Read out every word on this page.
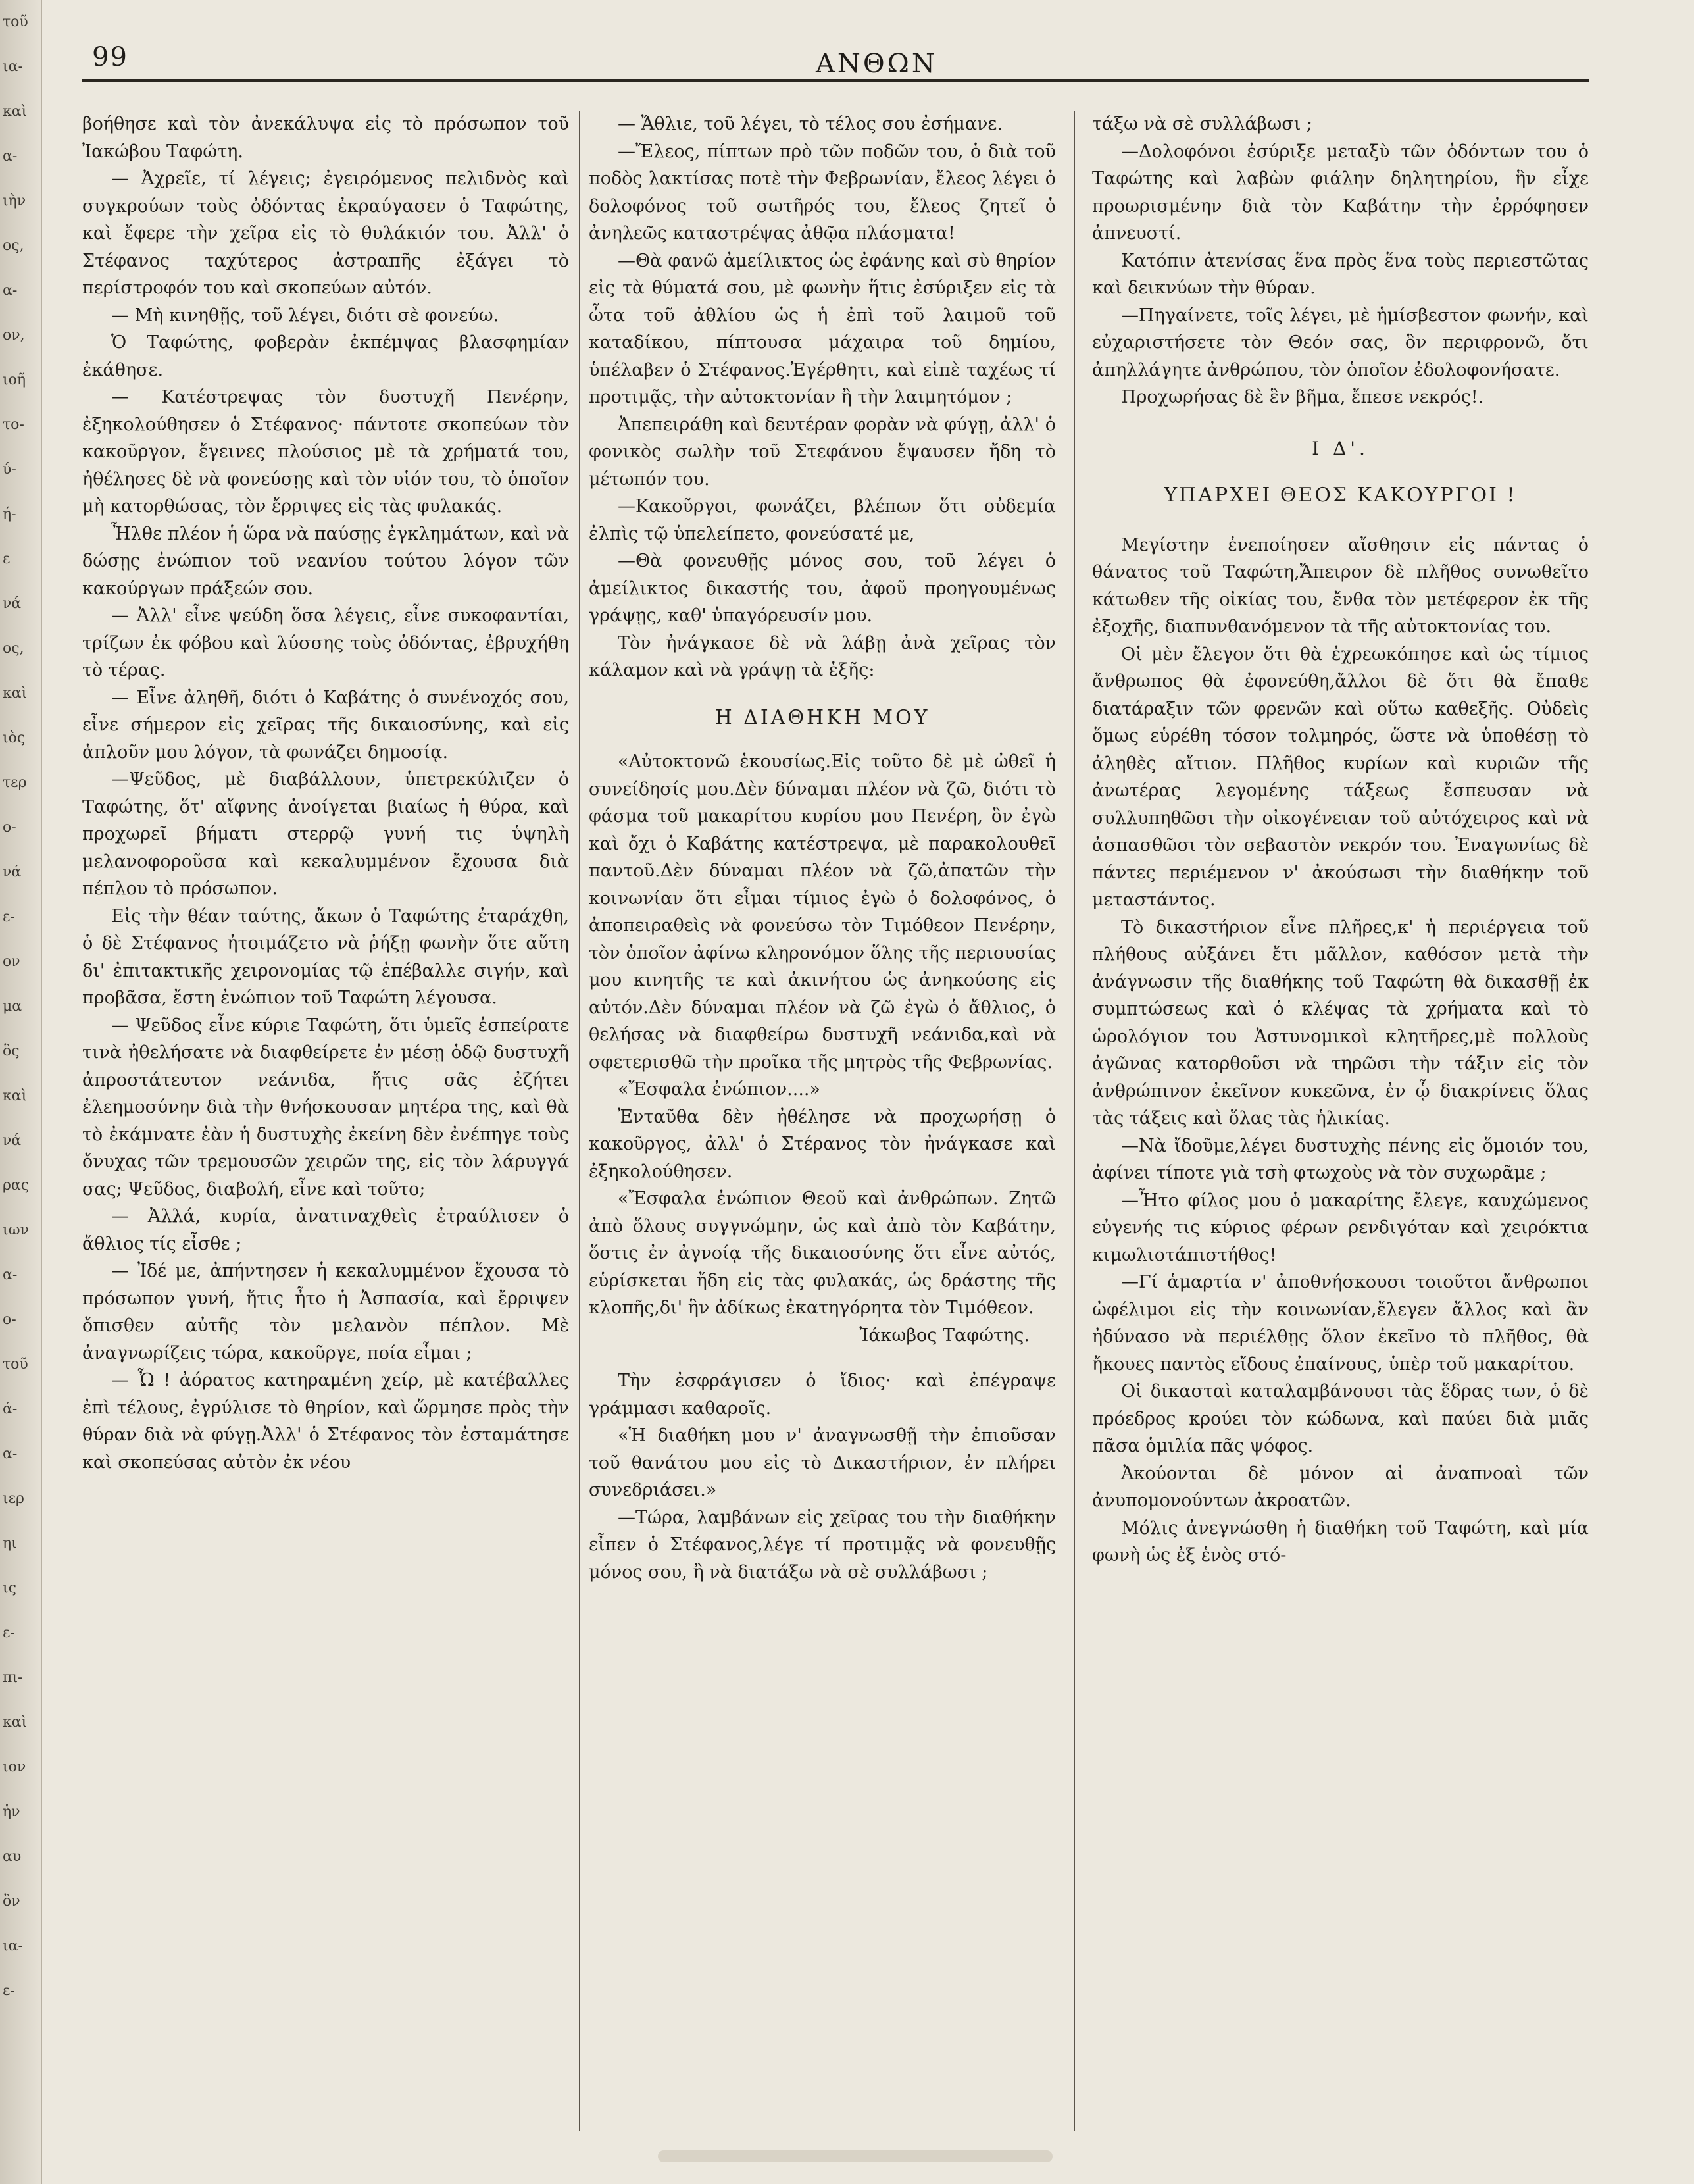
τοῦ
ια-
καὶ
α-
ιὴν
ος,
α-
ον,
ιοῆ
το-
ύ-
ή-
ε
νά
ος,
καὶ
ιὸς
τερ
ο-
νά
ε-
ον
μα
ὃς
καὶ
νά
ρας
ιων
α-
ο-
τοῦ
ά-
α-
ιερ
ηι
ις
ε-
πι-
καὶ
ιον
ἡν
αυ
ὂν
ια-
ε-
99	ΑΝΘΩΝ

βοήθησε καὶ τὸν ἀνεκάλυψα εἰς τὸ πρόσωπον τοῦ Ἰακώβου Ταφώτη.

— Ἀχρεῖε, τί λέγεις; ἐγειρόμενος πελιδνὸς καὶ συγκρούων τοὺς ὀδόντας ἐκραύγασεν ὁ Ταφώτης, καὶ ἔφερε τὴν χεῖρα εἰς τὸ θυλάκιόν του. Ἀλλ' ὁ Στέφανος ταχύτερος ἀστραπῆς ἐξάγει τὸ περίστροφόν του καὶ σκοπεύων αὐτόν.

— Μὴ κινηθῇς, τοῦ λέγει, διότι σὲ φονεύω.

Ὁ Ταφώτης, φοβερὰν ἐκπέμψας βλασφημίαν ἐκάθησε.

— Κατέστρεψας τὸν δυστυχῆ Πενέρην, ἐξηκολούθησεν ὁ Στέφανος· πάντοτε σκοπεύων τὸν κακοῦργον, ἔγεινες πλούσιος μὲ τὰ χρήματά του, ἠθέλησες δὲ νὰ φονεύσῃς καὶ τὸν υἱόν του, τὸ ὁποῖον μὴ κατορθώσας, τὸν ἔρριψες εἰς τὰς φυλακάς.

Ἦλθε πλέον ἡ ὥρα νὰ παύσῃς ἐγκλημάτων, καὶ νὰ δώσῃς ἐνώπιον τοῦ νεανίου τούτου λόγον τῶν κακούργων πράξεών σου.

— Ἀλλ' εἶνε ψεύδη ὅσα λέγεις, εἶνε συκοφαντίαι, τρίζων ἐκ φόβου καὶ λύσσης τοὺς ὀδόντας, ἐβρυχήθη τὸ τέρας.

— Εἶνε ἀληθῆ, διότι ὁ Καβάτης ὁ συνένοχός σου, εἶνε σήμερον εἰς χεῖρας τῆς δικαιοσύνης, καὶ εἰς ἁπλοῦν μου λόγον, τὰ φωνάζει δημοσίᾳ.

—Ψεῦδος, μὲ διαβάλλουν, ὑπετρεκύλιζεν ὁ Ταφώτης, ὅτ' αἴφνης ἀνοίγεται βιαίως ἡ θύρα, καὶ προχωρεῖ βήματι στερρῷ γυνή τις ὑψηλὴ μελανοφοροῦσα καὶ κεκαλυμμένον ἔχουσα διὰ πέπλου τὸ πρόσωπον.

Εἰς τὴν θέαν ταύτης, ἄκων ὁ Ταφώτης ἐταράχθη, ὁ δὲ Στέφανος ἠτοιμάζετο νὰ ῥήξῃ φωνὴν ὅτε αὕτη δι' ἐπιτακτικῆς χειρονομίας τῷ ἐπέβαλλε σιγήν, καὶ προβᾶσα, ἔστη ἐνώπιον τοῦ Ταφώτη λέγουσα.

— Ψεῦδος εἶνε κύριε Ταφώτη, ὅτι ὑμεῖς ἐσπείρατε τινὰ ἠθελήσατε νὰ διαφθείρετε ἐν μέσῃ ὁδῷ δυστυχῆ ἀπροστάτευτον νεάνιδα, ἥτις σᾶς ἐζήτει ἐλεημοσύνην διὰ τὴν θνήσκουσαν μητέρα της, καὶ θὰ τὸ ἐκάμνατε ἐὰν ἡ δυστυχὴς ἐκείνη δὲν ἐνέπηγε τοὺς ὄνυχας τῶν τρεμουσῶν χειρῶν της, εἰς τὸν λάρυγγά σας; Ψεῦδος, διαβολή, εἶνε καὶ τοῦτο;

— Ἀλλά, κυρία, ἀνατιναχθεὶς ἐτραύλισεν ὁ ἄθλιος τίς εἶσθε ;

— Ἰδέ με, ἀπήντησεν ἡ κεκαλυμμένον ἔχουσα τὸ πρόσωπον γυνή, ἥτις ἦτο ἡ Ἀσπασία, καὶ ἔρριψεν ὄπισθεν αὐτῆς τὸν μελανὸν πέπλον. Μὲ ἀναγνωρίζεις τώρα, κακοῦργε, ποία εἶμαι ;

— Ὦ ! ἀόρατος κατηραμένη χείρ, μὲ κατέβαλλες ἐπὶ τέλους, ἐγρύλισε τὸ θηρίον, καὶ ὥρμησε πρὸς τὴν θύραν διὰ νὰ φύγῃ.Ἀλλ' ὁ Στέφανος τὸν ἐσταμάτησε καὶ σκοπεύσας αὐτὸν ἐκ νέου

— Ἄθλιε, τοῦ λέγει, τὸ τέλος σου ἐσήμανε.

—Ἔλεος, πίπτων πρὸ τῶν ποδῶν του, ὁ διὰ τοῦ ποδὸς λακτίσας ποτὲ τὴν Φεβρωνίαν, ἔλεος λέγει ὁ δολοφόνος τοῦ σωτῆρός του, ἔλεος ζητεῖ ὁ ἀνηλεῶς καταστρέψας ἀθῷα πλάσματα!

—Θὰ φανῶ ἀμείλικτος ὡς ἐφάνης καὶ σὺ θηρίον εἰς τὰ θύματά σου, μὲ φωνὴν ἥτις ἐσύριξεν εἰς τὰ ὦτα τοῦ ἀθλίου ὡς ἡ ἐπὶ τοῦ λαιμοῦ τοῦ καταδίκου, πίπτουσα μάχαιρα τοῦ δημίου, ὑπέλαβεν ὁ Στέφανος.Ἐγέρθητι, καὶ εἰπὲ ταχέως τί προτιμᾷς, τὴν αὐτοκτονίαν ἢ τὴν λαιμητόμον ;

Ἀπεπειράθη καὶ δευτέραν φορὰν νὰ φύγῃ, ἀλλ' ὁ φονικὸς σωλὴν τοῦ Στεφάνου ἔψαυσεν ἤδη τὸ μέτωπόν του.

—Κακοῦργοι, φωνάζει, βλέπων ὅτι οὐδεμία ἐλπὶς τῷ ὑπελείπετο, φονεύσατέ με,

—Θὰ φονευθῇς μόνος σου, τοῦ λέγει ὁ ἀμείλικτος δικαστής του, ἀφοῦ προηγουμένως γράψῃς, καθ' ὑπαγόρευσίν μου.

Τὸν ἠνάγκασε δὲ νὰ λάβῃ ἀνὰ χεῖρας τὸν κάλαμον καὶ νὰ γράψῃ τὰ ἑξῆς:

Η ΔΙΑΘΗΚΗ ΜΟΥ

«Αὐτοκτονῶ ἑκουσίως.Εἰς τοῦτο δὲ μὲ ὠθεῖ ἡ συνείδησίς μου.Δὲν δύναμαι πλέον νὰ ζῶ, διότι τὸ φάσμα τοῦ μακαρίτου κυρίου μου Πενέρη, ὃν ἐγὼ καὶ ὄχι ὁ Καβάτης κατέστρεψα, μὲ παρακολουθεῖ παντοῦ.Δὲν δύναμαι πλέον νὰ ζῶ,ἀπατῶν τὴν κοινωνίαν ὅτι εἶμαι τίμιος ἐγὼ ὁ δολοφόνος, ὁ ἀποπειραθεὶς νὰ φονεύσω τὸν Τιμόθεον Πενέρην, τὸν ὁποῖον ἀφίνω κληρονόμον ὅλης τῆς περιουσίας μου κινητῆς τε καὶ ἀκινήτου ὡς ἀνηκούσης εἰς αὐτόν.Δὲν δύναμαι πλέον νὰ ζῶ ἐγὼ ὁ ἄθλιος, ὁ θελήσας νὰ διαφθείρω δυστυχῆ νεάνιδα,καὶ νὰ σφετερισθῶ τὴν προῖκα τῆς μητρὸς τῆς Φεβρωνίας.

«Ἔσφαλα ἐνώπιον....»

Ἐνταῦθα δὲν ἠθέλησε νὰ προχωρήσῃ ὁ κακοῦργος, ἀλλ' ὁ Στέρανος τὸν ἠνάγκασε καὶ ἐξηκολούθησεν.

«Ἔσφαλα ἐνώπιον Θεοῦ καὶ ἀνθρώπων. Ζητῶ ἀπὸ ὅλους συγγνώμην, ὡς καὶ ἀπὸ τὸν Καβάτην, ὅστις ἐν ἀγνοίᾳ τῆς δικαιοσύνης ὅτι εἶνε αὐτός, εὑρίσκεται ἤδη εἰς τὰς φυλακάς, ὡς δράστης τῆς κλοπῆς,δι' ἣν ἀδίκως ἐκατηγόρητα τὸν Τιμόθεον.

Ἰάκωβος Ταφώτης.

Τὴν ἐσφράγισεν ὁ ἴδιος· καὶ ἐπέγραψε γράμμασι καθαροῖς.

«Ἡ διαθήκη μου ν' ἀναγνωσθῇ τὴν ἐπιοῦσαν τοῦ θανάτου μου εἰς τὸ Δικαστήριον, ἐν πλήρει συνεδριάσει.»

—Τώρα, λαμβάνων εἰς χεῖρας του τὴν διαθήκην εἶπεν ὁ Στέφανος,λέγε τί προτιμᾷς νὰ φονευθῇς μόνος σου, ἢ νὰ διατάξω νὰ σὲ συλλάβωσι ;

τάξω νὰ σὲ συλλάβωσι ;

—Δολοφόνοι ἐσύριξε μεταξὺ τῶν ὀδόντων του ὁ Ταφώτης καὶ λαβὼν φιάλην δηλητηρίου, ἣν εἶχε προωρισμένην διὰ τὸν Καβάτην τὴν ἐρρόφησεν ἀπνευστί.

Κατόπιν ἀτενίσας ἕνα πρὸς ἕνα τοὺς περιεστῶτας καὶ δεικνύων τὴν θύραν.

—Πηγαίνετε, τοῖς λέγει, μὲ ἡμίσβεστον φωνήν, καὶ εὐχαριστήσετε τὸν Θεόν σας, ὃν περιφρονῶ, ὅτι ἀπηλλάγητε ἀνθρώπου, τὸν ὁποῖον ἐδολοφονήσατε.

Προχωρήσας δὲ ἓν βῆμα, ἔπεσε νεκρός!.

Ι Δ'.
ΥΠΑΡΧΕΙ ΘΕΟΣ ΚΑΚΟΥΡΓΟΙ !

Μεγίστην ἐνεποίησεν αἴσθησιν εἰς πάντας ὁ θάνατος τοῦ Ταφώτη,Ἄπειρον δὲ πλῆθος συνωθεῖτο κάτωθεν τῆς οἰκίας του, ἔνθα τὸν μετέφερον ἐκ τῆς ἐξοχῆς, διαπυνθανόμενον τὰ τῆς αὐτοκτονίας του.

Οἱ μὲν ἔλεγον ὅτι θὰ ἐχρεωκόπησε καὶ ὡς τίμιος ἄνθρωπος θὰ ἐφονεύθη,ἄλλοι δὲ ὅτι θὰ ἔπαθε διατάραξιν τῶν φρενῶν καὶ οὕτω καθεξῆς. Οὐδεὶς ὅμως εὑρέθη τόσον τολμηρός, ὥστε νὰ ὑποθέσῃ τὸ ἀληθὲς αἴτιον. Πλῆθος κυρίων καὶ κυριῶν τῆς ἀνωτέρας λεγομένης τάξεως ἔσπευσαν νὰ συλλυπηθῶσι τὴν οἰκογένειαν τοῦ αὐτόχειρος καὶ νὰ ἀσπασθῶσι τὸν σεβαστὸν νεκρόν του. Ἐναγωνίως δὲ πάντες περιέμενον ν' ἀκούσωσι τὴν διαθήκην τοῦ μεταστάντος.

Τὸ δικαστήριον εἶνε πλῆρες,κ' ἡ περιέργεια τοῦ πλήθους αὐξάνει ἔτι μᾶλλον, καθόσον μετὰ τὴν ἀνάγνωσιν τῆς διαθήκης τοῦ Ταφώτη θὰ δικασθῇ ἐκ συμπτώσεως καὶ ὁ κλέψας τὰ χρήματα καὶ τὸ ὡρολόγιον του Ἀστυνομικοὶ κλητῆρες,μὲ πολλοὺς ἀγῶνας κατορθοῦσι νὰ τηρῶσι τὴν τάξιν εἰς τὸν ἀνθρώπινον ἐκεῖνον κυκεῶνα, ἐν ᾧ διακρίνεις ὅλας τὰς τάξεις καὶ ὅλας τὰς ἡλικίας.

—Νὰ ἴδοῦμε,λέγει δυστυχὴς πένης εἰς ὅμοιόν του, ἀφίνει τίποτε γιὰ τσὴ φτωχοὺς νὰ τὸν συχωρᾶμε ;

—Ἦτο φίλος μου ὁ μακαρίτης ἔλεγε, καυχώμενος εὐγενής τις κύριος φέρων ρενδιγόταν καὶ χειρόκτια κιμωλιοτάπιστήθος!

—Γί ἁμαρτία ν' ἀποθνήσκουσι τοιοῦτοι ἄνθρωποι ὠφέλιμοι εἰς τὴν κοινωνίαν,ἔλεγεν ἄλλος καὶ ἂν ἠδύνασο νὰ περιέλθῃς ὅλον ἐκεῖνο τὸ πλῆθος, θὰ ἤκουες παντὸς εἴδους ἐπαίνους, ὑπὲρ τοῦ μακαρίτου.

Οἱ δικασταὶ καταλαμβάνουσι τὰς ἕδρας των, ὁ δὲ πρόεδρος κρούει τὸν κώδωνα, καὶ παύει διὰ μιᾶς πᾶσα ὁμιλία πᾶς ψόφος.

Ἀκούονται δὲ μόνον αἱ ἀναπνοαὶ τῶν ἀνυπομονούντων ἀκροατῶν.

Μόλις ἀνεγνώσθη ἡ διαθήκη τοῦ Ταφώτη, καὶ μία φωνὴ ὡς ἐξ ἑνὸς στό-
